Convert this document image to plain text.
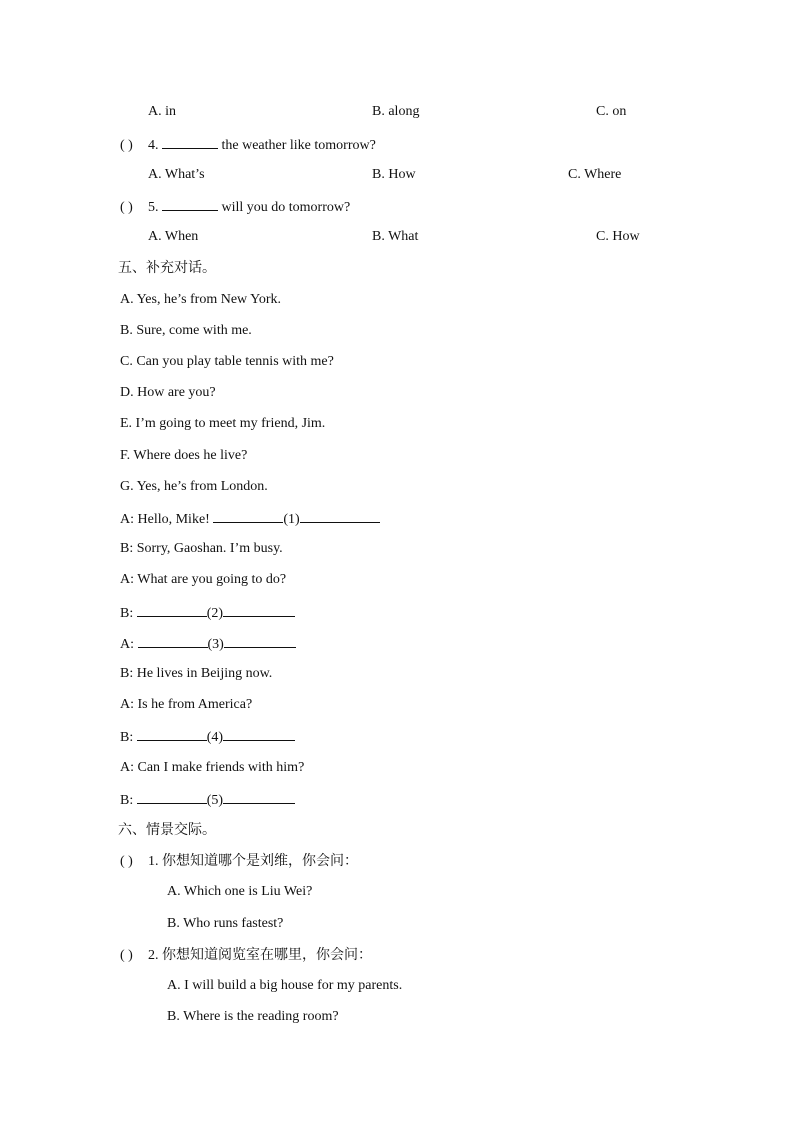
A. in	B. along	C. on
( ) 4.	the weather like tomorrow?
A. What’s	B. How	C. Where
( ) 5.	will you do tomorrow?
A. When	B. What	C. How
五、补充对话。
A. Yes, he’s from New York.
B. Sure, come with me.
C. Can you play table tennis with me?
D. How are you?
E. I’m going to meet my friend, Jim.
F. Where does he live?
G. Yes, he’s from London.
A: Hello, Mike!	(1)
B: Sorry, Gaoshan. I’m busy.
A: What are you going to do?
B:	(2)
A:	(3)
B: He lives in Beijing now.
A: Is he from America?
B:	(4)
A: Can I make friends with him?
B:	(5)
六、情景交际。
( ) 1. 你想知道哪个是刘维，你会问：
A. Which one is Liu Wei?
B. Who runs fastest?
( ) 2. 你想知道阅览室在哪里，你会问：
A. I will build a big house for my parents.
B. Where is the reading room?
